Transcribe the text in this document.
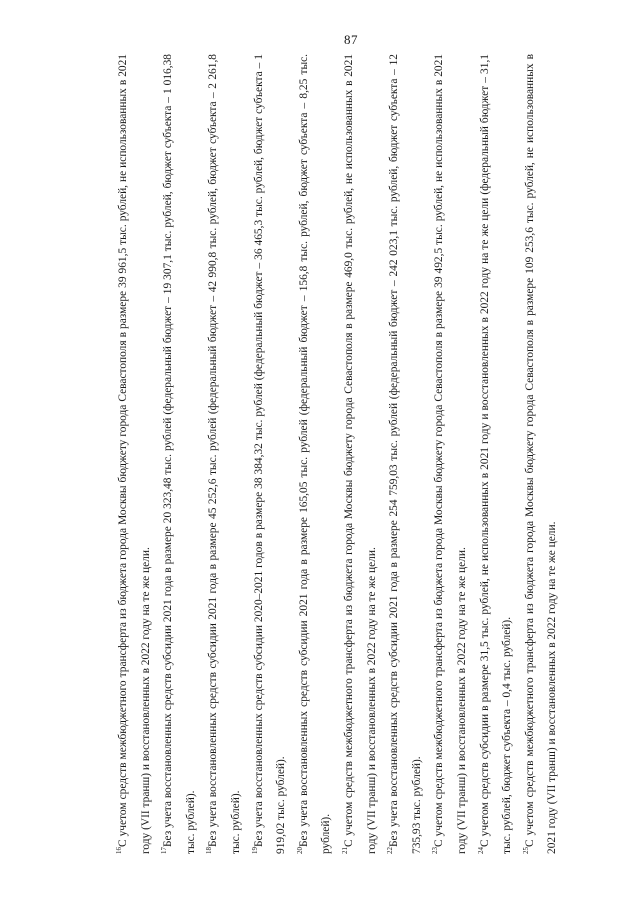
87

$^{16}$С учетом средств межбюджетного трансферта из бюджета города Москвы бюджету города Севастополя в размере 39 961,5 тыс. рублей, не использованных в 2021 году (VII транш) и восстановленных в 2022 году на те же цели.	$^{17}$Без учета восстановленных средств субсидии 2021 года в размере 20 323,48 тыс. рублей (федеральный бюджет – 19 307,1 тыс. рублей, бюджет субъекта – 1 016,38 тыс. рублей).	$^{18}$Без учета восстановленных средств субсидии 2021 года в размере 45 252,6 тыс. рублей (федеральный бюджет – 42 990,8 тыс. рублей, бюджет субъекта – 2 261,8 тыс. рублей).	$^{19}$Без учета восстановленных средств субсидии 2020–2021 годов в размере 38 384,32 тыс. рублей (федеральный бюджет – 36 465,3 тыс. рублей, бюджет субъекта – 1 919,02 тыс. рублей).	$^{20}$Без учета восстановленных средств субсидии 2021 года в размере 165,05 тыс. рублей (федеральный бюджет – 156,8 тыс. рублей, бюджет субъекта – 8,25 тыс. рублей).	$^{21}$С учетом средств межбюджетного трансферта из бюджета города Москвы бюджету города Севастополя в размере 469,0 тыс. рублей, не использованных в 2021 году (VII транш) и восстановленных в 2022 году на те же цели.	$^{22}$Без учета восстановленных средств субсидии 2021 года в размере 254 759,03 тыс. рублей (федеральный бюджет – 242 023,1 тыс. рублей, бюджет субъекта – 12 735,93 тыс. рублей).	$^{23}$С учетом средств межбюджетного трансферта из бюджета города Москвы бюджету города Севастополя в размере 39 492,5 тыс. рублей, не использованных в 2021 году (VII транш) и восстановленных в 2022 году на те же цели.	$^{24}$С учетом средств субсидии в размере 31,5 тыс. рублей, не использованных в 2021 году и восстановленных в 2022 году на те же цели (федеральный бюджет – 31,1 тыс. рублей, бюджет субъекта – 0,4 тыс. рублей).	$^{25}$С учетом средств межбюджетного трансферта из бюджета города Москвы бюджету города Севастополя в размере 109 253,6 тыс. рублей, не использованных в 2021 году (VII транш) и восстановленных в 2022 году на те же цели.
